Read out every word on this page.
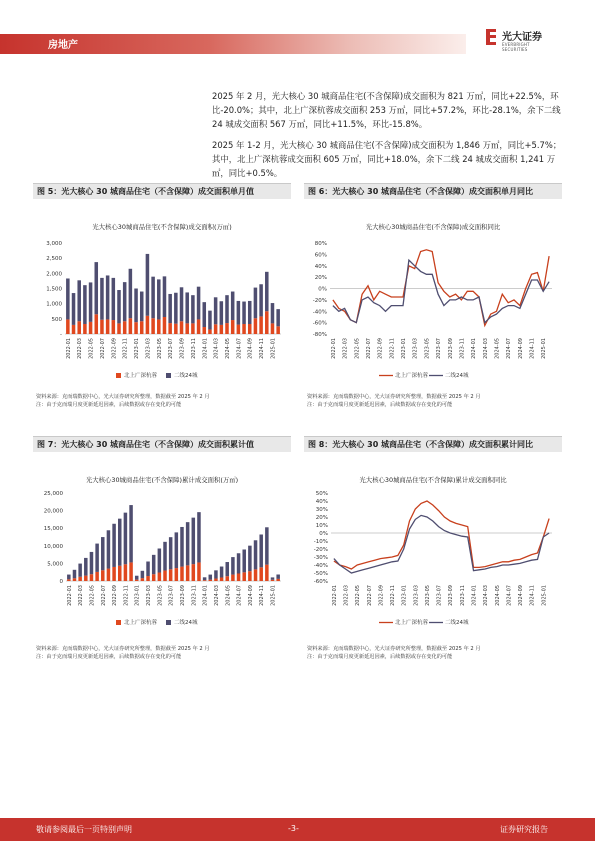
房地产
光大证券
EVERBRIGHT SECURITIES

2025 年 2 月，光大核心 30 城商品住宅(不含保障)成交面积为 821 万㎡，同比+22.5%，环比-20.0%；其中，北上广深杭蓉成交面积 253 万㎡，同比+57.2%，环比-28.1%，余下二线 24 城成交面积 567 万㎡，同比+11.5%，环比-15.8%。

2025 年 1-2 月，光大核心 30 城商品住宅(不含保障)成交面积为 1,846 万㎡，同比+5.7%；其中，北上广深杭蓉成交面积 605 万㎡，同比+18.0%，余下二线 24 城成交面积 1,241 万㎡，同比+0.5%。

图 5：光大核心 30 城商品住宅（不含保障）成交面积单月值
光大核心30城商品住宅(不含保障)成交面积(万㎡)
-
500
1,000
1,500
2,000
2,500
3,000
2022-01 2022-03 2022-05 2022-07 2022-09 2022-11 2023-01 2023-03 2023-05 2023-07 2023-09 2023-11 2024-01 2024-03 2024-05 2024-07 2024-09 2024-11 2025-01
北上广深杭蓉	二线24城
资料来源：克而瑞数据中心，光大证券研究所整理，数据截至 2025 年 2 月
注：由于克而瑞月度更新延迟因素，后续数据或存在变化的可能
图 6：光大核心 30 城商品住宅（不含保障）成交面积单月同比
光大核心30城商品住宅(不含保障)成交面积同比
-80%
-60%
-40%
-20%
0%
20%
40%
60%
80%
2022-01 2022-03 2022-05 2022-07 2022-09 2022-11 2023-01 2023-03 2023-05 2023-07 2023-09 2023-11 2024-01 2024-03 2024-05 2024-07 2024-09 2024-11 2025-01
北上广深杭蓉	二线24城
资料来源：克而瑞数据中心，光大证券研究所整理，数据截至 2025 年 2 月
注：由于克而瑞月度更新延迟因素，后续数据或存在变化的可能
图 7：光大核心 30 城商品住宅（不含保障）成交面积累计值
光大核心30城商品住宅(不含保障)累计成交面积(万㎡)
0
5,000
10,000
15,000
20,000
25,000
2022-01 2022-03 2022-05 2022-07 2022-09 2022-11 2023-01 2023-03 2023-05 2023-07 2023-09 2023-11 2024-01 2024-03 2024-05 2024-07 2024-09 2024-11 2025-01
北上广深杭蓉	二线24城
资料来源：克而瑞数据中心，光大证券研究所整理，数据截至 2025 年 2 月
注：由于克而瑞月度更新延迟因素，后续数据或存在变化的可能
图 8：光大核心 30 城商品住宅（不含保障）成交面积累计同比
光大核心30城商品住宅(不含保障)累计成交面积同比
-60%
-50%
-40%
-30%
-20%
-10%
0%
10%
20%
30%
40%
50%
2022-01 2022-03 2022-05 2022-07 2022-09 2022-11 2023-01 2023-03 2023-05 2023-07 2023-09 2023-11 2024-01 2024-03 2024-05 2024-07 2024-09 2024-11 2025-01
北上广深杭蓉	二线24城
资料来源：克而瑞数据中心，光大证券研究所整理，数据截至 2025 年 2 月
注：由于克而瑞月度更新延迟因素，后续数据或存在变化的可能
敬请参阅最后一页特别声明	-3-	证券研究报告
